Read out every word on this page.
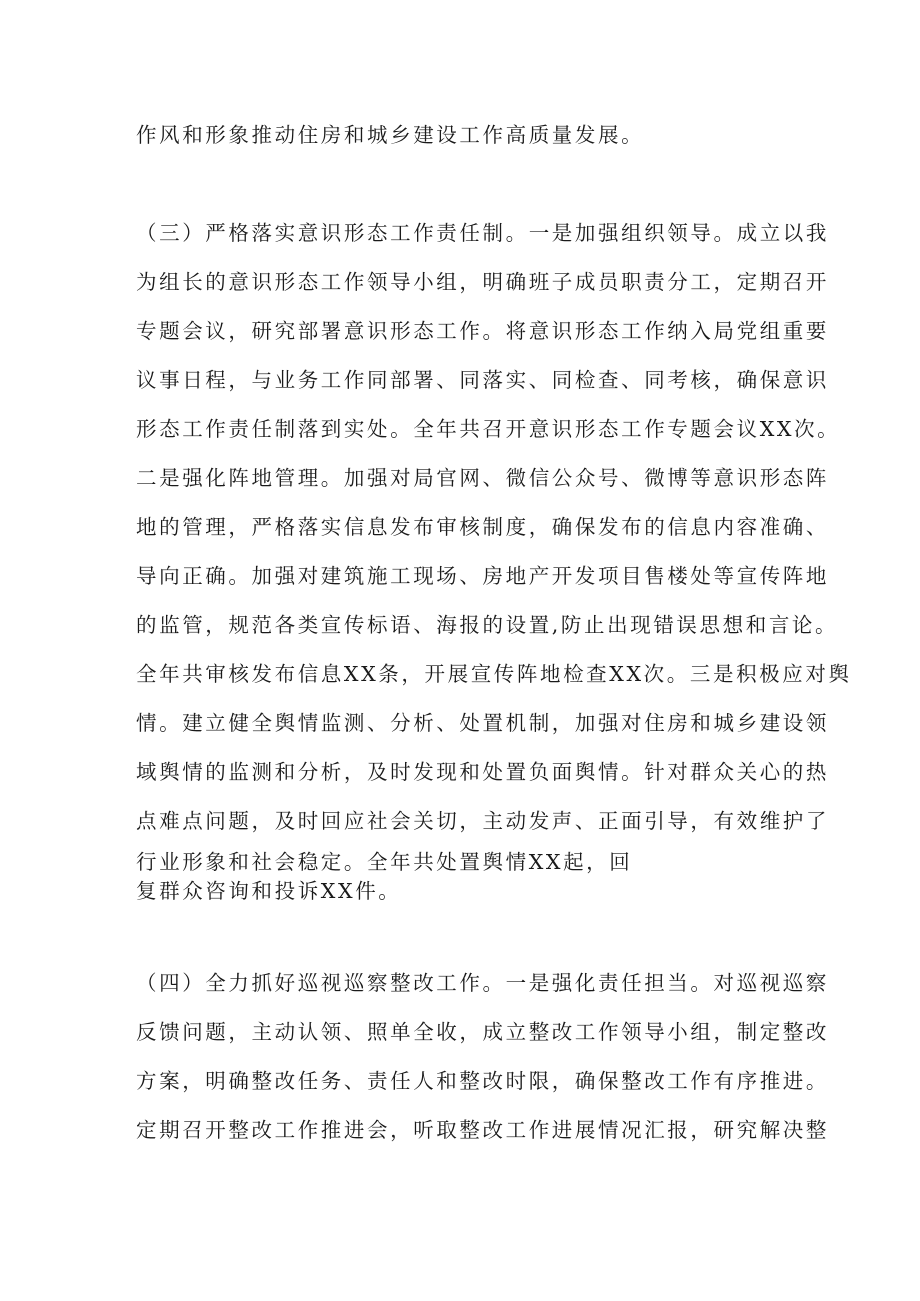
作风和形象推动住房和城乡建设工作高质量发展。

（三）严格落实意识形态工作责任制。一是加强组织领导。成立以我

为组长的意识形态工作领导小组，明确班子成员职责分工，定期召开

专题会议，研究部署意识形态工作。将意识形态工作纳入局党组重要

议事日程，与业务工作同部署、同落实、同检查、同考核，确保意识

形态工作责任制落到实处。全年共召开意识形态工作专题会议XX次。

二是强化阵地管理。加强对局官网、微信公众号、微博等意识形态阵

地的管理，严格落实信息发布审核制度，确保发布的信息内容准确、

导向正确。加强对建筑施工现场、房地产开发项目售楼处等宣传阵地

的监管，规范各类宣传标语、海报的设置,防止出现错误思想和言论。

全年共审核发布信息XX条，开展宣传阵地检查XX次。三是积极应对舆

情。建立健全舆情监测、分析、处置机制，加强对住房和城乡建设领

域舆情的监测和分析，及时发现和处置负面舆情。针对群众关心的热

点难点问题，及时回应社会关切，主动发声、正面引导，有效维护了

行业形象和社会稳定。全年共处置舆情XX起，回

复群众咨询和投诉XX件。

（四）全力抓好巡视巡察整改工作。一是强化责任担当。对巡视巡察

反馈问题，主动认领、照单全收，成立整改工作领导小组，制定整改

方案，明确整改任务、责任人和整改时限，确保整改工作有序推进。

定期召开整改工作推进会，听取整改工作进展情况汇报，研究解决整
